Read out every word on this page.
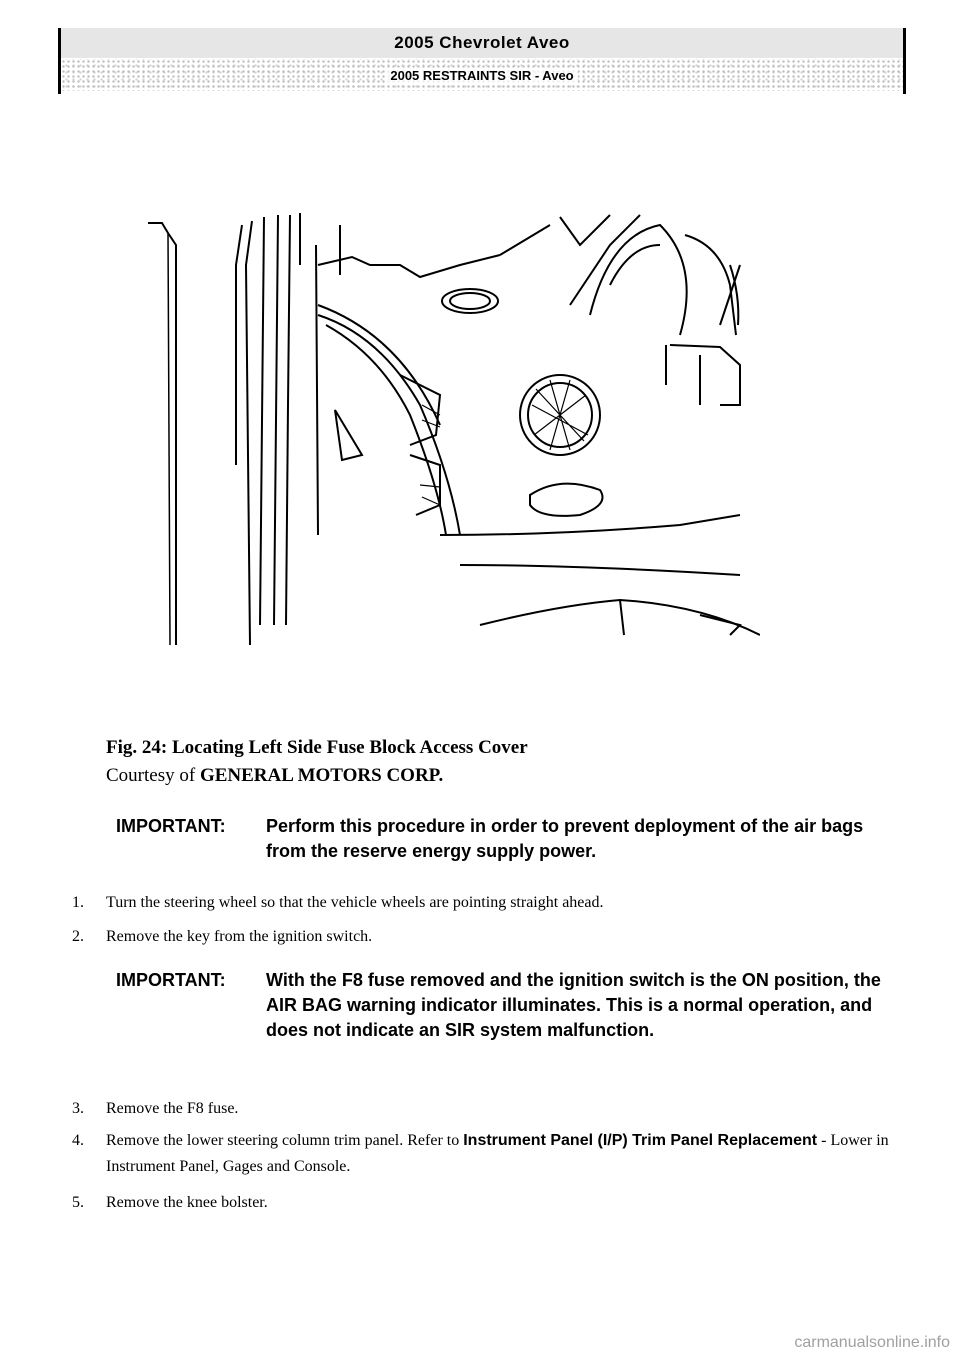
2005 Chevrolet Aveo
2005 RESTRAINTS SIR - Aveo
Fig. 24: Locating Left Side Fuse Block Access Cover
Courtesy of GENERAL MOTORS CORP.
IMPORTANT:	Perform this procedure in order to prevent deployment of the air bags from the reserve energy supply power.
1.	Turn the steering wheel so that the vehicle wheels are pointing straight ahead.
2.	Remove the key from the ignition switch.
IMPORTANT:	With the F8 fuse removed and the ignition switch is the ON position, the AIR BAG warning indicator illuminates. This is a normal operation, and does not indicate an SIR system malfunction.
3.	Remove the F8 fuse.
4.	Remove the lower steering column trim panel. Refer to Instrument Panel (I/P) Trim Panel Replacement - Lower in Instrument Panel, Gages and Console.
5.	Remove the knee bolster.
carmanualsonline.info
